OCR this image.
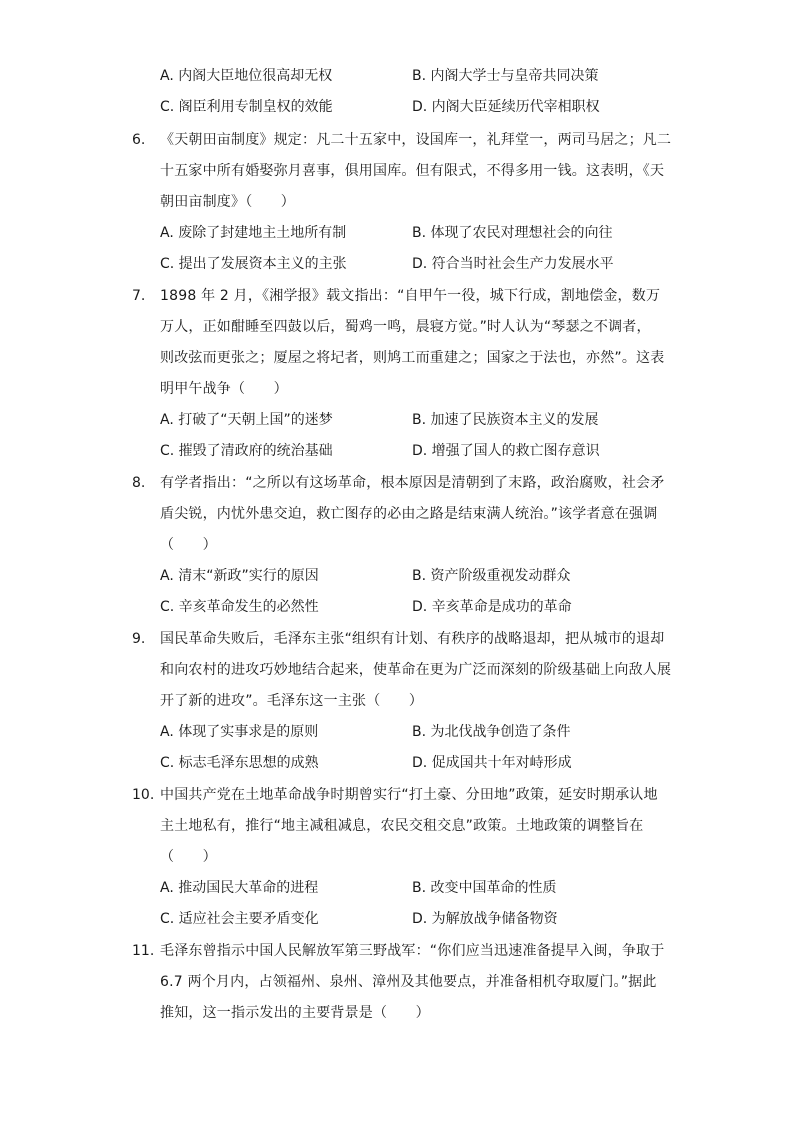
A. 内阁大臣地位很高却无权	B. 内阁大学士与皇帝共同决策
C. 阁臣利用专制皇权的效能	D. 内阁大臣延续历代宰相职权
6. 《天朝田亩制度》规定：凡二十五家中，设国库一，礼拜堂一，两司马居之；凡二
十五家中所有婚娶弥月喜事，俱用国库。但有限式，不得多用一钱。这表明，《天
朝田亩制度》（　　）
A. 废除了封建地主土地所有制	B. 体现了农民对理想社会的向往
C. 提出了发展资本主义的主张	D. 符合当时社会生产力发展水平
7. 1898 年 2 月，《湘学报》载文指出：“自甲午一役，城下行成，割地偿金，数万
万人，正如酣睡至四鼓以后，蜀鸡一鸣，晨寝方觉。”时人认为“琴瑟之不调者，
则改弦而更张之；厦屋之将圮者，则鸠工而重建之；国家之于法也，亦然”。这表
明甲午战争（　　）
A. 打破了“天朝上国”的迷梦	B. 加速了民族资本主义的发展
C. 摧毁了清政府的统治基础	D. 增强了国人的救亡图存意识
8. 有学者指出：“之所以有这场革命，根本原因是清朝到了末路，政治腐败，社会矛
盾尖锐，内忧外患交迫，救亡图存的必由之路是结束满人统治。”该学者意在强调
（　　）
A. 清末“新政”实行的原因	B. 资产阶级重视发动群众
C. 辛亥革命发生的必然性	D. 辛亥革命是成功的革命
9. 国民革命失败后，毛泽东主张“组织有计划、有秩序的战略退却，把从城市的退却
和向农村的进攻巧妙地结合起来，使革命在更为广泛而深刻的阶级基础上向敌人展
开了新的进攻”。毛泽东这一主张（　　）
A. 体现了实事求是的原则	B. 为北伐战争创造了条件
C. 标志毛泽东思想的成熟	D. 促成国共十年对峙形成
10. 中国共产党在土地革命战争时期曾实行“打土豪、分田地”政策，延安时期承认地
主土地私有，推行“地主减租减息，农民交租交息”政策。土地政策的调整旨在
（　　）
A. 推动国民大革命的进程	B. 改变中国革命的性质
C. 适应社会主要矛盾变化	D. 为解放战争储备物资
11. 毛泽东曾指示中国人民解放军第三野战军：“你们应当迅速准备提早入闽，争取于
6.7 两个月内，占领福州、泉州、漳州及其他要点，并准备相机夺取厦门。”据此
推知，这一指示发出的主要背景是（　　）
